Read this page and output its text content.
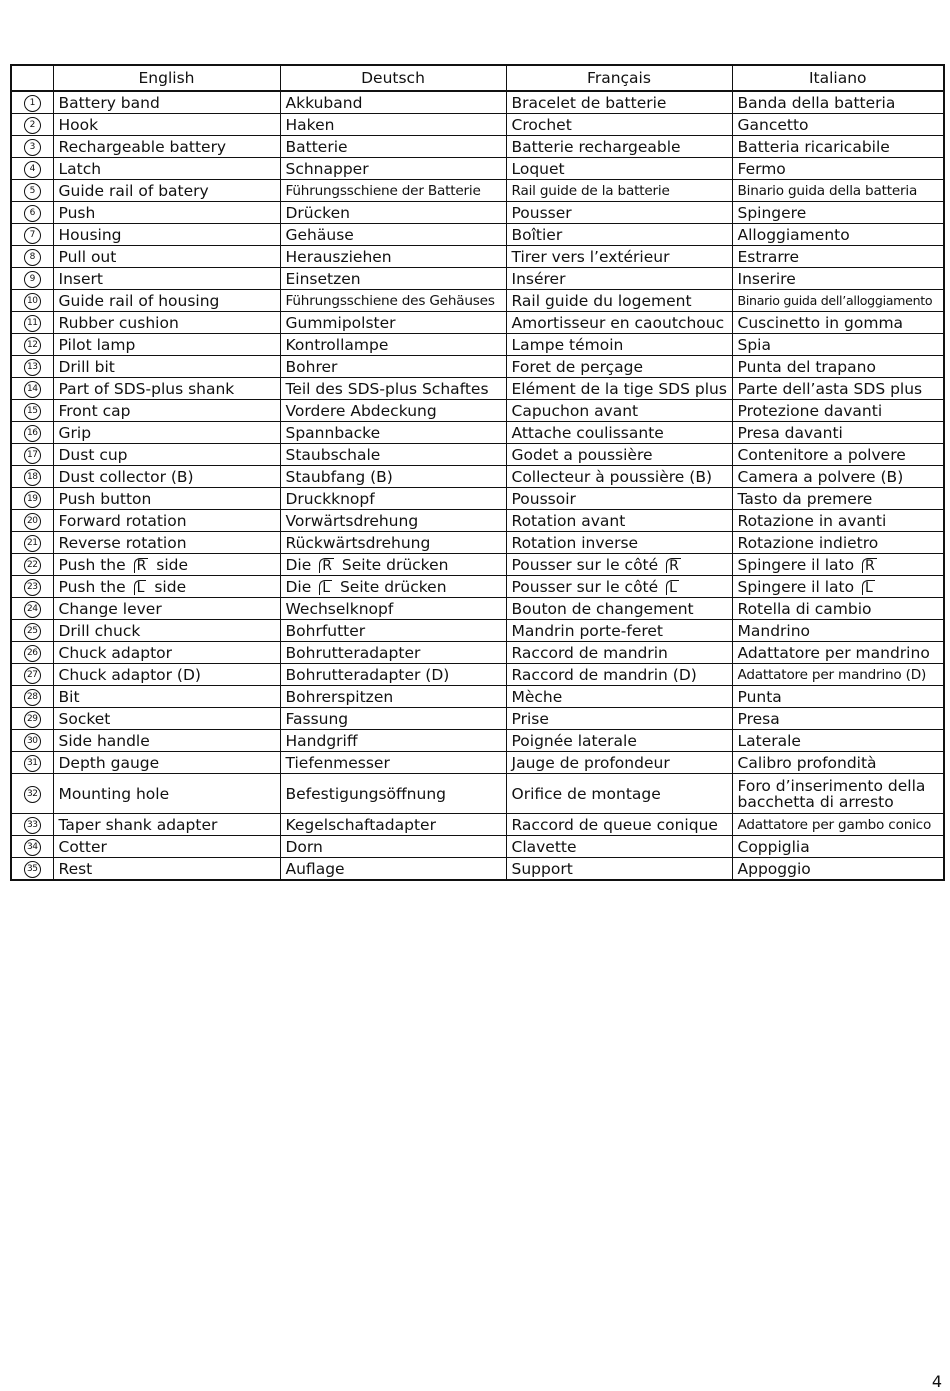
	English	Deutsch	Français	Italiano
1	Battery band	Akkuband	Bracelet de batterie	Banda della batteria
2	Hook	Haken	Crochet	Gancetto
3	Rechargeable battery	Batterie	Batterie rechargeable	Batteria ricaricabile
4	Latch	Schnapper	Loquet	Fermo
5	Guide rail of batery	Führungsschiene der Batterie	Rail guide de la batterie	Binario guida della batteria
6	Push	Drücken	Pousser	Spingere
7	Housing	Gehäuse	Boîtier	Alloggiamento
8	Pull out	Herausziehen	Tirer vers l’extérieur	Estrarre
9	Insert	Einsetzen	Insérer	Inserire
10	Guide rail of housing	Führungsschiene des Gehäuses	Rail guide du logement	Binario guida dell’alloggiamento
11	Rubber cushion	Gummipolster	Amortisseur en caoutchouc	Cuscinetto in gomma
12	Pilot lamp	Kontrollampe	Lampe témoin	Spia
13	Drill bit	Bohrer	Foret de perçage	Punta del trapano
14	Part of SDS-plus shank	Teil des SDS-plus Schaftes	Elément de la tige SDS plus	Parte dell’asta SDS plus
15	Front cap	Vordere Abdeckung	Capuchon avant	Protezione davanti
16	Grip	Spannbacke	Attache coulissante	Presa davanti
17	Dust cup	Staubschale	Godet a poussière	Contenitore a polvere
18	Dust collector (B)	Staubfang (B)	Collecteur à poussière (B)	Camera a polvere (B)
19	Push button	Druckknopf	Poussoir	Tasto da premere
20	Forward rotation	Vorwärtsdrehung	Rotation avant	Rotazione in avanti
21	Reverse rotation	Rückwärtsdrehung	Rotation inverse	Rotazione indietro
22	Push the R side	Die R Seite drücken	Pousser sur le côté R	Spingere il lato R
23	Push the L side	Die L Seite drücken	Pousser sur le côté L	Spingere il lato L
24	Change lever	Wechselknopf	Bouton de changement	Rotella di cambio
25	Drill chuck	Bohrfutter	Mandrin porte-feret	Mandrino
26	Chuck adaptor	Bohrutteradapter	Raccord de mandrin	Adattatore per mandrino
27	Chuck adaptor (D)	Bohrutteradapter (D)	Raccord de mandrin (D)	Adattatore per mandrino (D)
28	Bit	Bohrerspitzen	Mèche	Punta
29	Socket	Fassung	Prise	Presa
30	Side handle	Handgriff	Poignée laterale	Laterale
31	Depth gauge	Tiefenmesser	Jauge de profondeur	Calibro profondità
32	Mounting hole	Befestigungsöffnung	Orifice de montage	Foro d’inserimento della bacchetta di arresto
33	Taper shank adapter	Kegelschaftadapter	Raccord de queue conique	Adattatore per gambo conico
34	Cotter	Dorn	Clavette	Coppiglia
35	Rest	Auflage	Support	Appoggio
4
